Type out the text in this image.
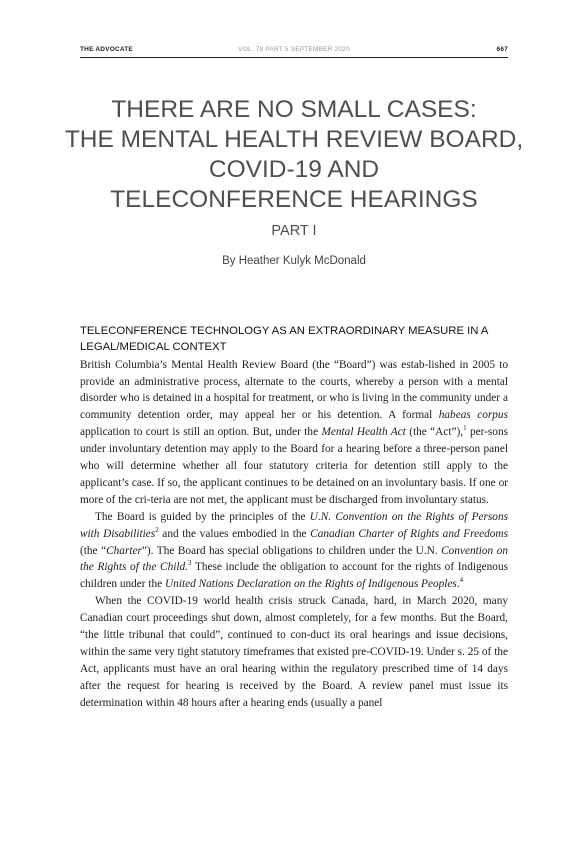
THE ADVOCATE	VOL. 78 PART 5 SEPTEMBER 2020	667
THERE ARE NO SMALL CASES:
THE MENTAL HEALTH REVIEW BOARD,
COVID-19 AND
TELECONFERENCE HEARINGS
PART I
By Heather Kulyk McDonald
TELECONFERENCE TECHNOLOGY AS AN EXTRAORDINARY MEASURE IN A LEGAL/MEDICAL CONTEXT

British Columbia’s Mental Health Review Board (the “Board”) was estab-lished in 2005 to provide an administrative process, alternate to the courts, whereby a person with a mental disorder who is detained in a hospital for treatment, or who is living in the community under a community detention order, may appeal her or his detention. A formal habeas corpus application to court is still an option. But, under the Mental Health Act (the “Act”),$^1$ per-sons under involuntary detention may apply to the Board for a hearing before a three-person panel who will determine whether all four statutory criteria for detention still apply to the applicant’s case. If so, the applicant continues to be detained on an involuntary basis. If one or more of the cri-teria are not met, the applicant must be discharged from involuntary status.

The Board is guided by the principles of the U.N. Convention on the Rights of Persons with Disabilities$^2$ and the values embodied in the Canadian Charter of Rights and Freedoms (the “Charter”). The Board has special obligations to children under the U.N. Convention on the Rights of the Child.$^3$ These include the obligation to account for the rights of Indigenous children under the United Nations Declaration on the Rights of Indigenous Peoples.$^4$

When the COVID-19 world health crisis struck Canada, hard, in March 2020, many Canadian court proceedings shut down, almost completely, for a few months. But the Board, “the little tribunal that could”, continued to con-duct its oral hearings and issue decisions, within the same very tight statutory timeframes that existed pre-COVID-19. Under s. 25 of the Act, applicants must have an oral hearing within the regulatory prescribed time of 14 days after the request for hearing is received by the Board. A review panel must issue its determination within 48 hours after a hearing ends (usually a panel
